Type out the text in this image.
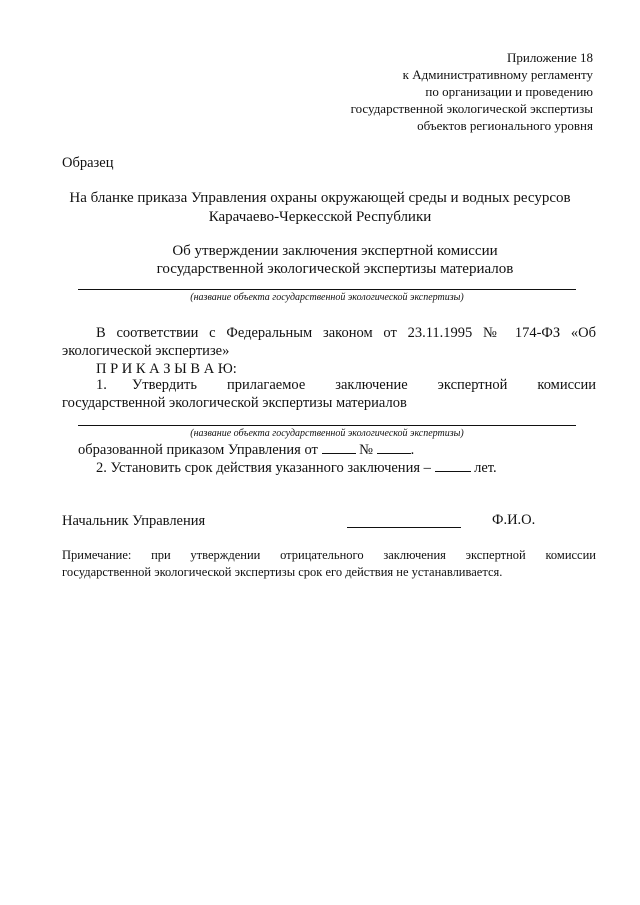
Приложение 18
к Административному регламенту
по организации и проведению
государственной экологической экспертизы
объектов регионального уровня
Образец
На бланке приказа Управления охраны окружающей среды и водных ресурсов
Карачаево-Черкесской Республики
Об утверждении заключения экспертной комиссии
государственной экологической экспертизы материалов
(название объекта государственной экологической экспертизы)
В соответствии с Федеральным законом от 23.11.1995 № 174-ФЗ «Об
экологической экспертизе»
П Р И К А З Ы В А Ю:
1. Утвердить прилагаемое заключение экспертной комиссии
государственной экологической экспертизы материалов
(название объекта государственной экологической экспертизы)
образованной приказом Управления от	№	.
2. Установить срок действия указанного заключения –	лет.
Начальник Управления	Ф.И.О.
Примечание: при утверждении отрицательного заключения экспертной комиссии
государственной экологической экспертизы срок его действия не устанавливается.
